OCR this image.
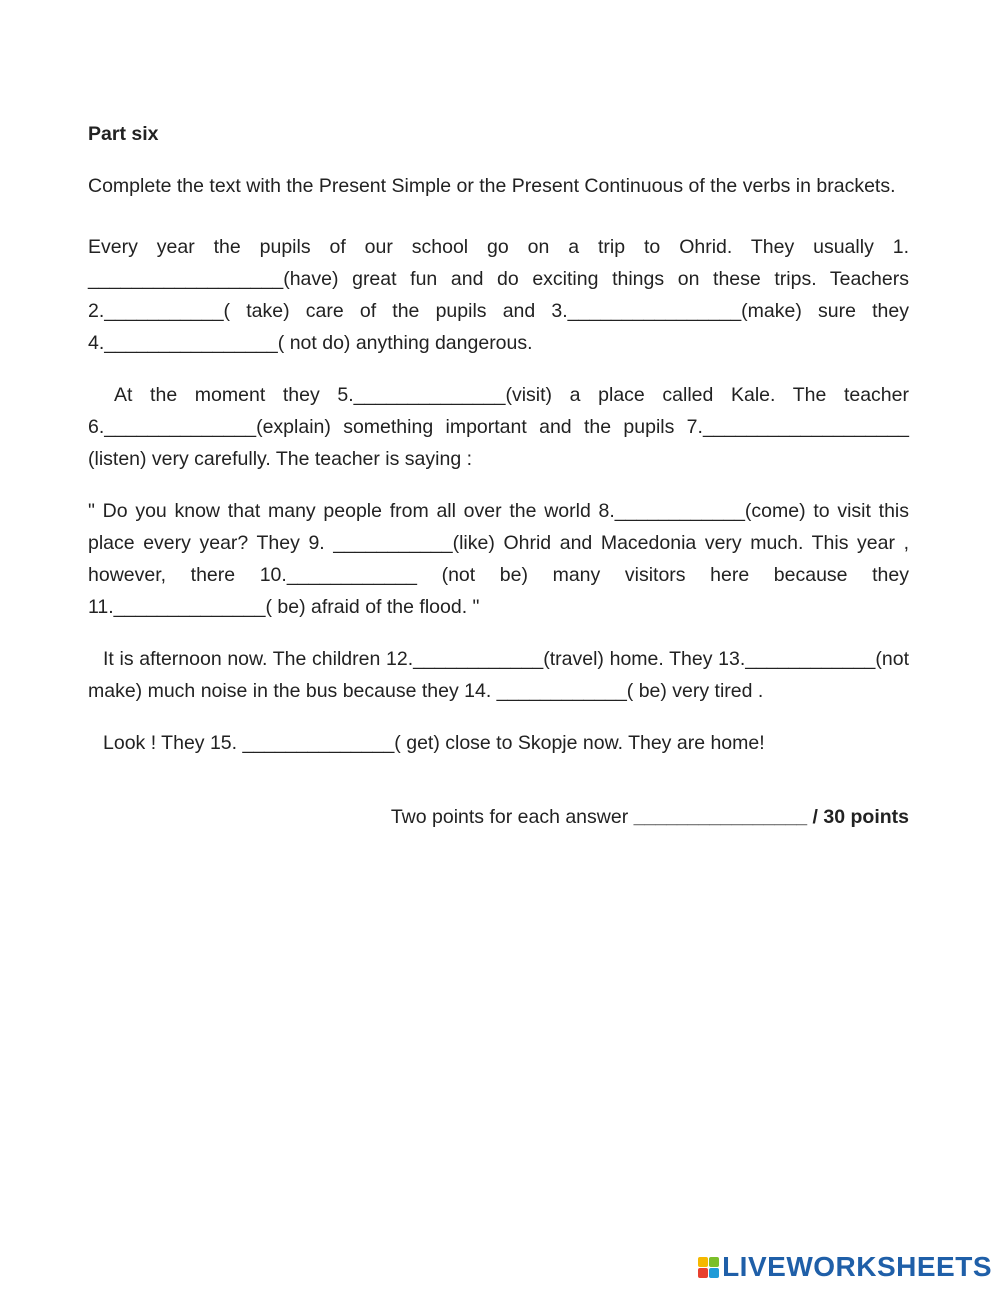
Part six
Complete the text with the Present Simple or the Present Continuous of the verbs in brackets.
Every year the pupils of our school go on a trip to Ohrid. They usually 1. __________________(have) great fun and do exciting things on these trips. Teachers 2.___________( take) care of the pupils and 3.________________(make) sure they 4.________________( not do) anything dangerous.
At the moment they 5.______________(visit) a place called Kale. The teacher 6.______________(explain) something important and the pupils 7.___________________ (listen) very carefully. The teacher is saying :
" Do you know that many people from all over the world 8.____________(come) to visit this place every year? They 9. ___________(like) Ohrid and Macedonia very much. This year , however, there 10.____________ (not be) many visitors here because they 11.______________( be) afraid of the flood. "
It is afternoon now. The children 12.____________(travel) home. They 13.____________(not make) much noise in the bus because they 14. ____________( be) very tired .
Look ! They 15. ______________( get) close to Skopje now. They are home!
Two points for each answer ________________ / 30 points
LIVEWORKSHEETS
